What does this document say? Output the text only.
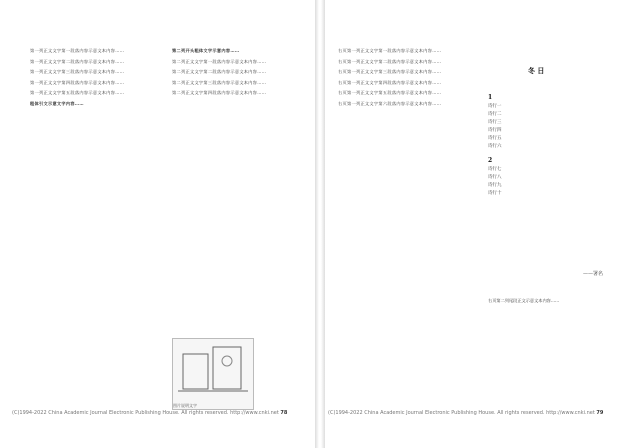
第一列正文文字第一段落内容示意文本内容……

第一列正文文字第二段落内容示意文本内容……

第一列正文文字第三段落内容示意文本内容……

第一列正文文字第四段落内容示意文本内容……

第一列正文文字第五段落内容示意文本内容……

粗体引文示意文字内容……

第二列开头粗体文字示意内容……

第二列正文文字第一段落内容示意文本内容……

第二列正文文字第二段落内容示意文本内容……

第二列正文文字第三段落内容示意文本内容……

第二列正文文字第四段落内容示意文本内容……

图片说明文字
(C)1994-2022 China Academic Journal Electronic Publishing House. All rights reserved. http://www.cnki.net 78

右页第一列正文文字第一段落内容示意文本内容……

右页第一列正文文字第二段落内容示意文本内容……

右页第一列正文文字第三段落内容示意文本内容……

右页第一列正文文字第四段落内容示意文本内容……

右页第一列正文文字第五段落内容示意文本内容……

右页第一列正文文字第六段落内容示意文本内容……

冬 日
1

诗行一

诗行二

诗行三

诗行四

诗行五

诗行六

2

诗行七

诗行八

诗行九

诗行十

——署名

右页第二列尾段正文示意文本内容……

(C)1994-2022 China Academic Journal Electronic Publishing House. All rights reserved. http://www.cnki.net 79
